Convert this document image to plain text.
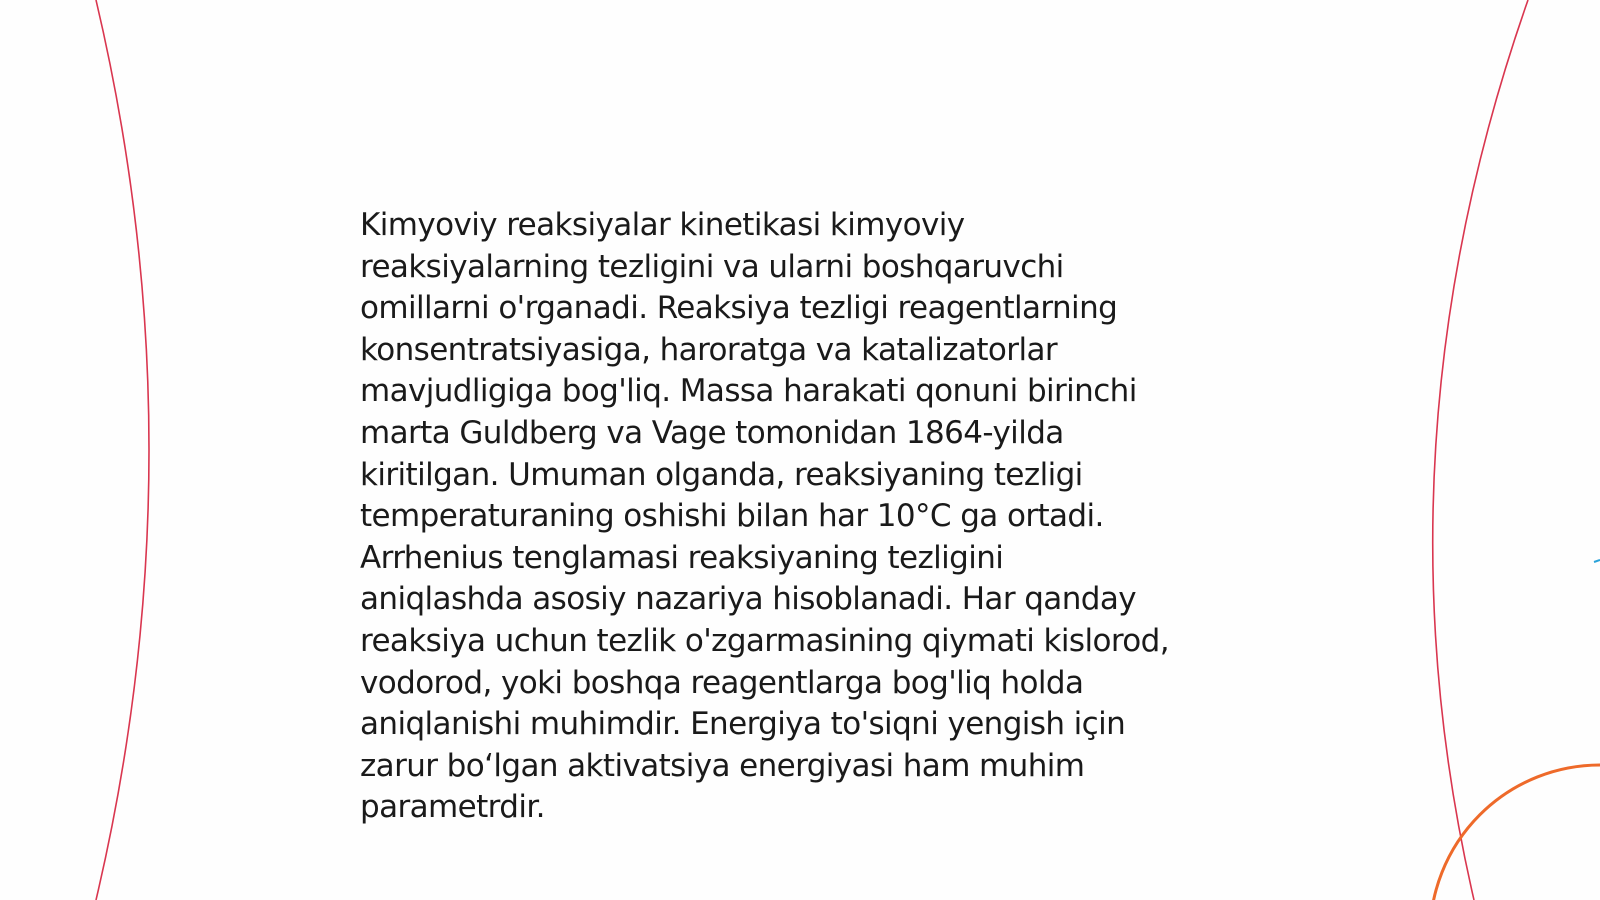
Kimyoviy reaksiyalar kinetikasi kimyoviy
reaksiyalarning tezligini va ularni boshqaruvchi
omillarni o'rganadi. Reaksiya tezligi reagentlarning
konsentratsiyasiga, haroratga va katalizatorlar
mavjudligiga bog'liq. Massa harakati qonuni birinchi
marta Guldberg va Vage tomonidan 1864-yilda
kiritilgan. Umuman olganda, reaksiyaning tezligi
temperaturaning oshishi bilan har 10°C ga ortadi.
Arrhenius tenglamasi reaksiyaning tezligini
aniqlashda asosiy nazariya hisoblanadi. Har qanday
reaksiya uchun tezlik o'zgarmasining qiymati kislorod,
vodorod, yoki boshqa reagentlarga bog'liq holda
aniqlanishi muhimdir. Energiya to'siqni yengish için
zarur bo‘lgan aktivatsiya energiyasi ham muhim
parametrdir.
